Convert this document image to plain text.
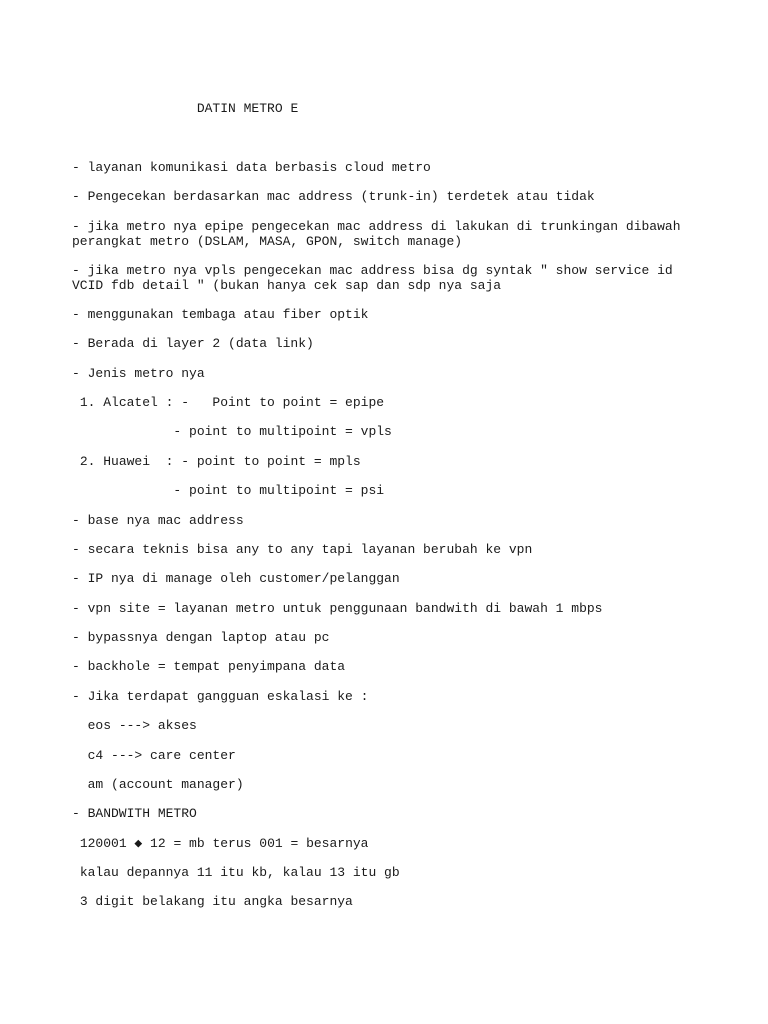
DATIN METRO E

- layanan komunikasi data berbasis cloud metro

- Pengecekan berdasarkan mac address (trunk-in) terdetek atau tidak

- jika metro nya epipe pengecekan mac address di lakukan di trunkingan dibawah perangkat metro (DSLAM, MASA, GPON, switch manage)

- jika metro nya vpls pengecekan mac address bisa dg syntak " show service id VCID fdb detail " (bukan hanya cek sap dan sdp nya saja

- menggunakan tembaga atau fiber optik

- Berada di layer 2 (data link)

- Jenis metro nya

1. Alcatel : -   Point to point = epipe

- point to multipoint = vpls

2. Huawei  : - point to point = mpls

- point to multipoint = psi

- base nya mac address

- secara teknis bisa any to any tapi layanan berubah ke vpn

- IP nya di manage oleh customer/pelanggan

- vpn site = layanan metro untuk penggunaan bandwith di bawah 1 mbps

- bypassnya dengan laptop atau pc

- backhole = tempat penyimpana data

- Jika terdapat gangguan eskalasi ke :

eos ---> akses

c4 ---> care center

am (account manager)

- BANDWITH METRO

120001 ◆ 12 = mb terus 001 = besarnya

kalau depannya 11 itu kb, kalau 13 itu gb

3 digit belakang itu angka besarnya
